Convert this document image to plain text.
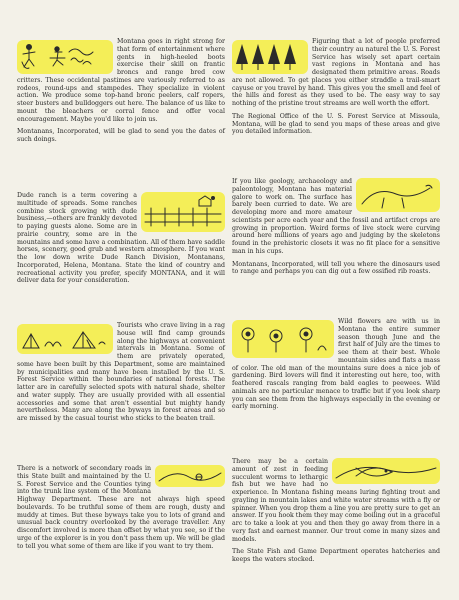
Montana goes in right strong for that form of entertainment where gents in high-heeled boots exercise their skill on frantic broncs and range bred cow critters. These occidental pastimes are variously referred to as rodeos, round-ups and stampedes. They specialize in violent action. We produce some top-hand bronc peelers, calf ropers, steer busters and bulldoggers out here. The balance of us like to mount the bleachers or corral fence and offer vocal encouragement. Maybe you'd like to join us.

Montanans, Incorporated, will be glad to send you the dates of such doings.

Dude ranch is a term covering a multitude of spreads. Some ranches combine stock growing with dude business,—others are frankly devoted to paying guests alone. Some are in prairie country, some are in the mountains and some have a combination. All of them have saddle horses, scenery, good grub and western atmosphere. If you want the low down write Dude Ranch Division, Montanans, Incorporated, Helena, Montana. State the kind of country and recreational activity you prefer, specify MONTANA, and it will deliver data for your consideration.

Tourists who crave living in a rag house will find camp grounds along the highways at convenient intervals in Montana. Some of them are privately operated, some have been built by this Department, some are maintained by municipalities and many have been installed by the U. S. Forest Service within the boundaries of national forests. The latter are in carefully selected spots with natural shade, shelter and water supply. They are usually provided with all essential accessories and some that aren't essential but mighty handy nevertheless. Many are along the byways in forest areas and so are missed by the casual tourist who sticks to the beaten trail.

There is a network of secondary roads in this State built and maintained by the U. S. Forest Service and the Counties tying into the trunk line system of the Montana Highway Department. These are not always high speed boulevards. To be truthful some of them are rough, dusty and muddy at times. But these byways take you to lots of grand and unusual back country overlooked by the average traveller. Any discomfort involved is more than offset by what you see, so if the urge of the explorer is in you don't pass them up. We will be glad to tell you what some of them are like if you want to try them.

Figuring that a lot of people preferred their country au naturel the U. S. Forest Service has wisely set apart certain vast regions in Montana and has designated them primitive areas. Roads are not allowed. To get places you either straddle a trail-smart cayuse or you travel by hand. This gives you the smell and feel of the hills and forest as they used to be. The easy way to say nothing of the pristine trout streams are well worth the effort.

The Regional Office of the U. S. Forest Service at Missoula, Montana, will be glad to send you maps of these areas and give you detailed information.

If you like geology, archaeology and paleontology, Montana has material galore to work on. The surface has barely been curried to date. We are developing more and more amateur scientists per acre each year and the fossil and artifact crops are growing in proportion. Weird forms of live stock were curving around here millions of years ago and judging by the skeletons found in the prehistoric closets it was no fit place for a sensitive man in his cups.

Montanans, Incorporated, will tell you where the dinosaurs used to range and perhaps you can dig out a few ossified rib roasts.

Wild flowers are with us in Montana the entire summer season though June and the first half of July are the times to see them at their best. Whole mountain sides and flats a mass of color. The old man of the mountains sure does a nice job of gardening. Bird lovers will find it interesting out here, too, with feathered rascals ranging from bald eagles to peewees. Wild animals are no particular menace to traffic but if you look sharp you can see them from the highways especially in the evening or early morning.

There may be a certain amount of zest in feeding succulent worms to lethargic fish but we have had no experience. In Montana fishing means luring fighting trout and grayling in mountain lakes and white water streams with a fly or spinner. When you drop them a line you are pretty sure to get an answer. If you hook them they may come boiling out in a graceful arc to take a look at you and then they go away from there in a very fast and earnest manner. Our trout come in many sizes and models.

The State Fish and Game Department operates hatcheries and keeps the waters stocked.
